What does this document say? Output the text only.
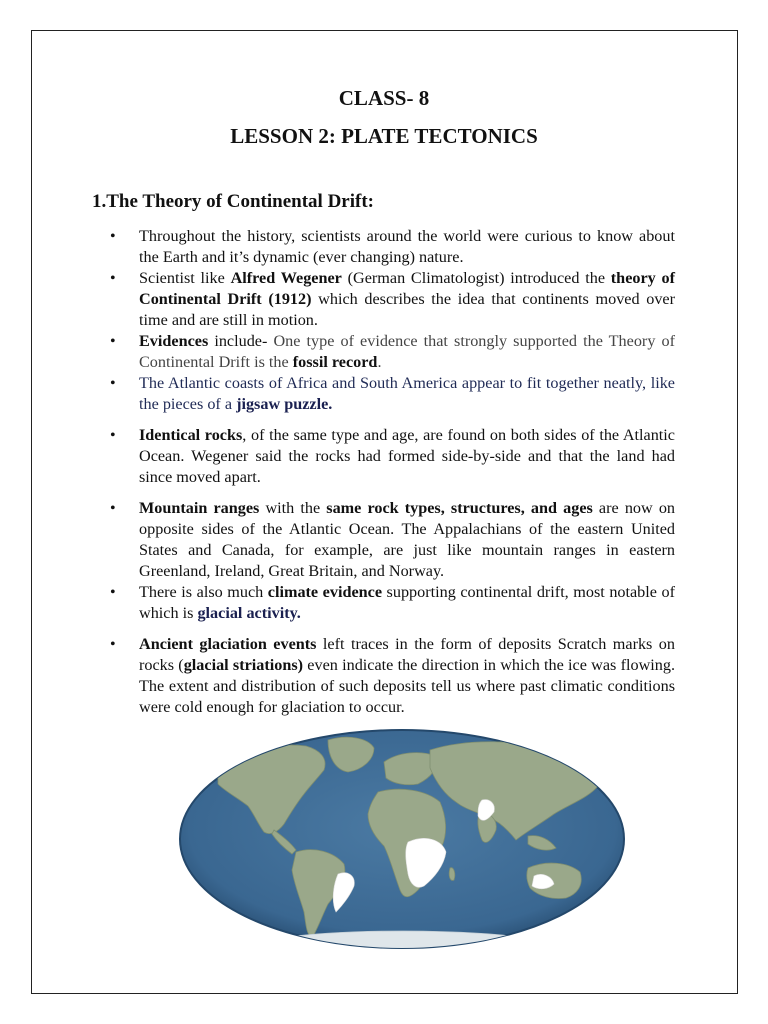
CLASS- 8
LESSON 2: PLATE TECTONICS
1.The Theory of Continental Drift:
• Throughout the history, scientists around the world were curious to know about the Earth and it’s dynamic (ever changing) nature.
• Scientist like Alfred Wegener (German Climatologist) introduced the theory of Continental Drift (1912) which describes the idea that continents moved over time and are still in motion.
• Evidences include- One type of evidence that strongly supported the Theory of Continental Drift is the fossil record.
• The Atlantic coasts of Africa and South America appear to fit together neatly, like the pieces of a jigsaw puzzle.
• Identical rocks, of the same type and age, are found on both sides of the Atlantic Ocean. Wegener said the rocks had formed side-by-side and that the land had since moved apart.
• Mountain ranges with the same rock types, structures, and ages are now on opposite sides of the Atlantic Ocean. The Appalachians of the eastern United States and Canada, for example, are just like mountain ranges in eastern Greenland, Ireland, Great Britain, and Norway.
• There is also much climate evidence supporting continental drift, most notable of which is glacial activity.
• Ancient glaciation events left traces in the form of deposits Scratch marks on rocks (glacial striations) even indicate the direction in which the ice was flowing. The extent and distribution of such deposits tell us where past climatic conditions were cold enough for glaciation to occur.
